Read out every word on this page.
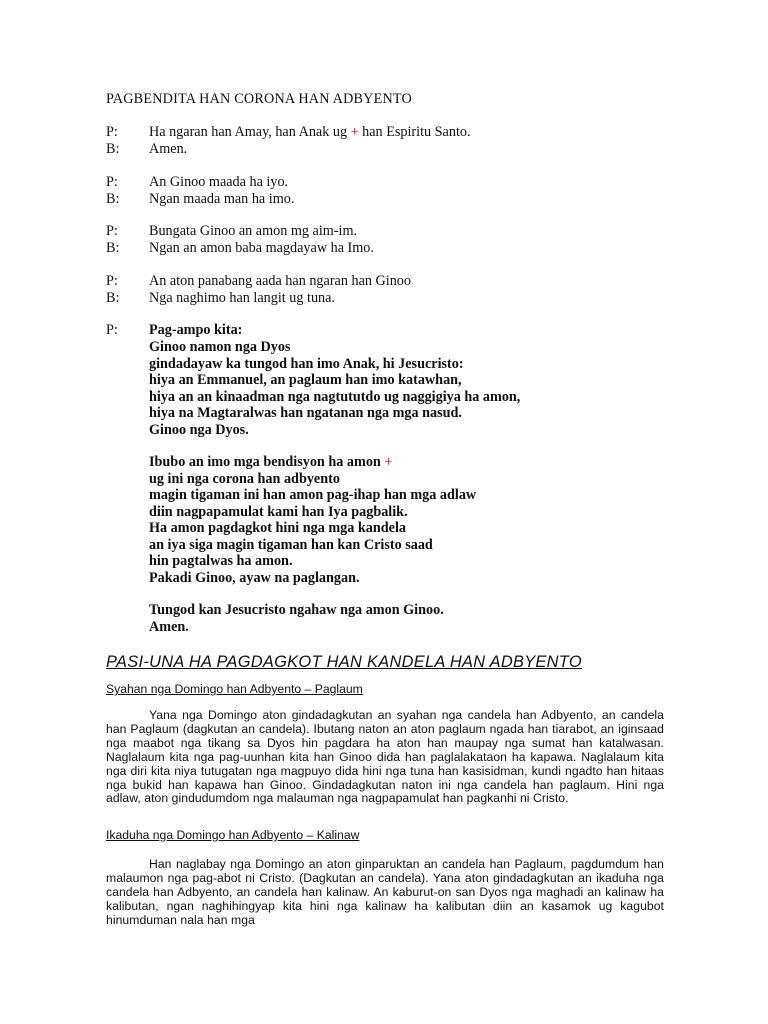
PAGBENDITA HAN CORONA HAN ADBYENTO
P: Ha ngaran han Amay, han Anak ug + han Espiritu Santo.
B: Amen.
P: An Ginoo maada ha iyo.
B: Ngan maada man ha imo.
P: Bungata Ginoo an amon mg aim-im.
B: Ngan an amon baba magdayaw ha Imo.
P: An aton panabang aada han ngaran han Ginoo
B: Nga naghimo han langit ug tuna.
P: Pag-ampo kita:
Ginoo namon nga Dyos
gindadayaw ka tungod han imo Anak, hi Jesucristo:
hiya an Emmanuel, an paglaum han imo katawhan,
hiya an an kinaadman nga nagtututdo ug naggigiya ha amon,
hiya na Magtaralwas han ngatanan nga mga nasud.
Ginoo nga Dyos.
Ibubo an imo mga bendisyon ha amon +
ug ini nga corona han adbyento
magin tigaman ini han amon pag-ihap han mga adlaw
diin nagpapamulat kami han Iya pagbalik.
Ha amon pagdagkot hini nga mga kandela
an iya siga magin tigaman han kan Cristo saad
hin pagtalwas ha amon.
Pakadi Ginoo, ayaw na paglangan.
Tungod kan Jesucristo ngahaw nga amon Ginoo.
Amen.
PASI-UNA HA PAGDAGKOT HAN KANDELA HAN ADBYENTO
Syahan nga Domingo han Adbyento – Paglaum

Yana nga Domingo aton gindadagkutan an syahan nga candela han Adbyento, an candela han Paglaum (dagkutan an candela). Ibutang naton an aton paglaum ngada han tiarabot, an iginsaad nga maabot nga tikang sa Dyos hin pagdara ha aton han maupay nga sumat han katalwasan. Naglalaum kita nga pag-uunhan kita han Ginoo dida han paglalakataon ha kapawa. Naglalaum kita nga diri kita niya tutugatan nga magpuyo dida hini nga tuna han kasisidman, kundi ngadto han hitaas nga bukid han kapawa han Ginoo. Gindadagkutan naton ini nga candela han paglaum. Hini nga adlaw, aton gindudumdom nga malauman nga nagpapamulat han pagkanhi ni Cristo.

Ikaduha nga Domingo han Adbyento – Kalinaw

Han naglabay nga Domingo an aton ginparuktan an candela han Paglaum, pagdumdum han malaumon nga pag-abot ni Cristo. (Dagkutan an candela). Yana aton gindadagkutan an ikaduha nga candela han Adbyento, an candela han kalinaw. An kaburut-on san Dyos nga maghadi an kalinaw ha kalibutan, ngan naghihingyap kita hini nga kalinaw ha kalibutan diin an kasamok ug kagubot hinumduman nala han mga
